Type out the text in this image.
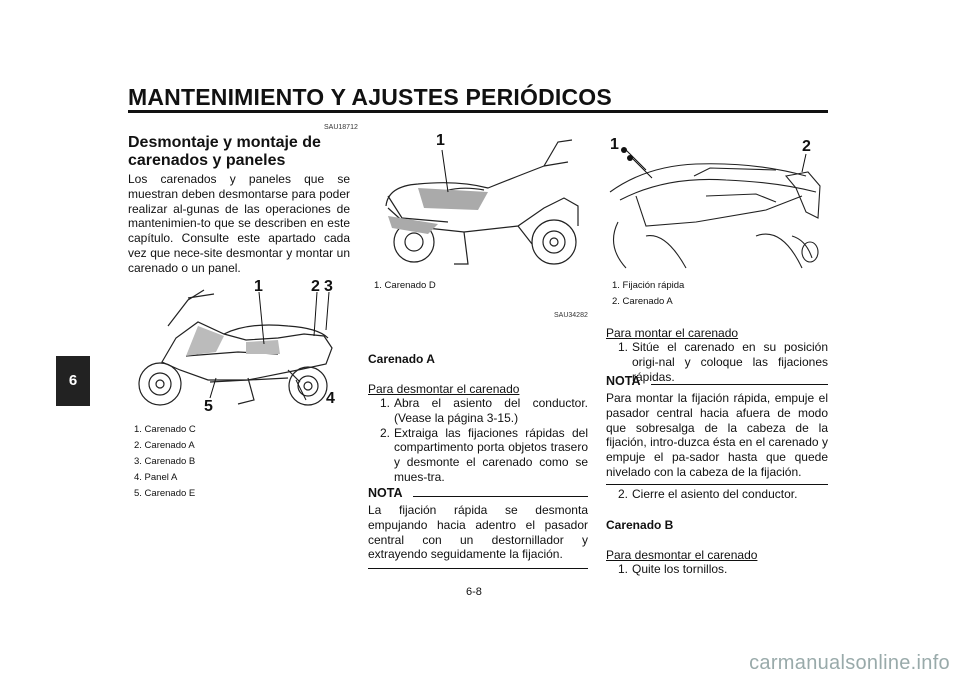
MANTENIMIENTO Y AJUSTES PERIÓDICOS
6
SAU18712
Desmontaje y montaje de carenados y paneles
Los carenados y paneles que se muestran deben desmontarse para poder realizar al-gunas de las operaciones de mantenimien-to que se describen en este capítulo. Consulte este apartado cada vez que nece-site desmontar y montar un carenado o un panel.
1	2 3
4
5
1. Carenado C
2. Carenado A
3. Carenado B
4. Panel A
5. Carenado E
1
1. Carenado D
SAU34282
Carenado A
Para desmontar el carenado
1. Abra el asiento del conductor. (Vease la página 3-15.)
2. Extraiga las fijaciones rápidas del compartimento porta objetos trasero y desmonte el carenado como se mues-tra.
NOTA
La fijación rápida se desmonta empujando hacia adentro el pasador central con un destornillador y extrayendo seguidamente la fijación.
1	2
1. Fijación rápida
2. Carenado A
Para montar el carenado
1. Sitúe el carenado en su posición origi-nal y coloque las fijaciones rápidas.
NOTA
Para montar la fijación rápida, empuje el pasador central hacia afuera de modo que sobresalga de la cabeza de la fijación, intro-duzca ésta en el carenado y empuje el pa-sador hasta que quede nivelado con la cabeza de la fijación.
2. Cierre el asiento del conductor.
Carenado B
Para desmontar el carenado
1. Quite los tornillos.
6-8
carmanualsonline.info
